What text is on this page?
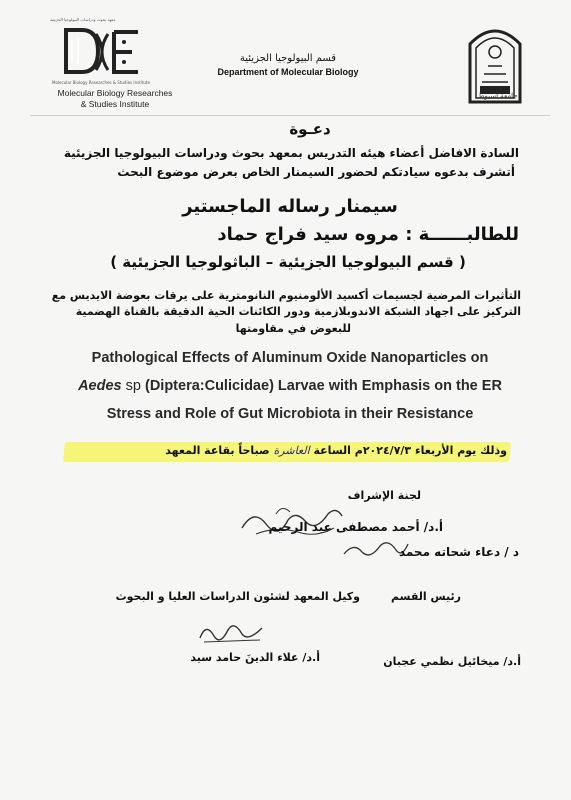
معهد بحوث ودراسات البيولوجيا الجزيئية
Molecular Biology Researches & Studies Institute
Molecular Biology Researches
& Studies Institute
قسم البيولوجيا الجزيئية
Department of Molecular Biology
جامعة أسيوط
دعـوة
السادة الافاضل أعضاء هيئه التدريس بمعهد بحوث ودراسات البيولوجيا الجزيئية
أتشرف بدعوه سيادتكم لحضور السيمنار الخاص بعرض موضوع البحث
سيمنار رساله الماجستير
للطالبــــــة : مروه سيد فراج حماد
( قسم البيولوجيا الجزيئية – الباثولوجيا الجزيئية )
التأثيرات المرضية لجسيمات أكسيد الألومنيوم النانومترية على يرقات بعوضة الايديس مع
التركيز على اجهاد الشبكة الاندوبلازمية ودور الكائنات الحية الدقيقة بالقناة الهضمية
للبعوض في مقاومتها
Pathological Effects of Aluminum Oxide Nanoparticles on
Aedes sp (Diptera:Culicidae) Larvae with Emphasis on the ER
Stress and Role of Gut Microbiota in their Resistance
وذلك يوم الأربعاء ٢٠٢٤/٧/٣م الساعة العاشرة صباحاً بقاعة المعهد
لجنة الإشراف
أ.د/ أحمد مصطفى عبد الرحيم
د / دعاء شحاته محمد
رئيس القسم
وكيل المعهد لشئون الدراسات العليا و البحوث
أ.د/ علاء الدينَ حامد سيد	أ.د/ ميخائيل نظمي عجبان
